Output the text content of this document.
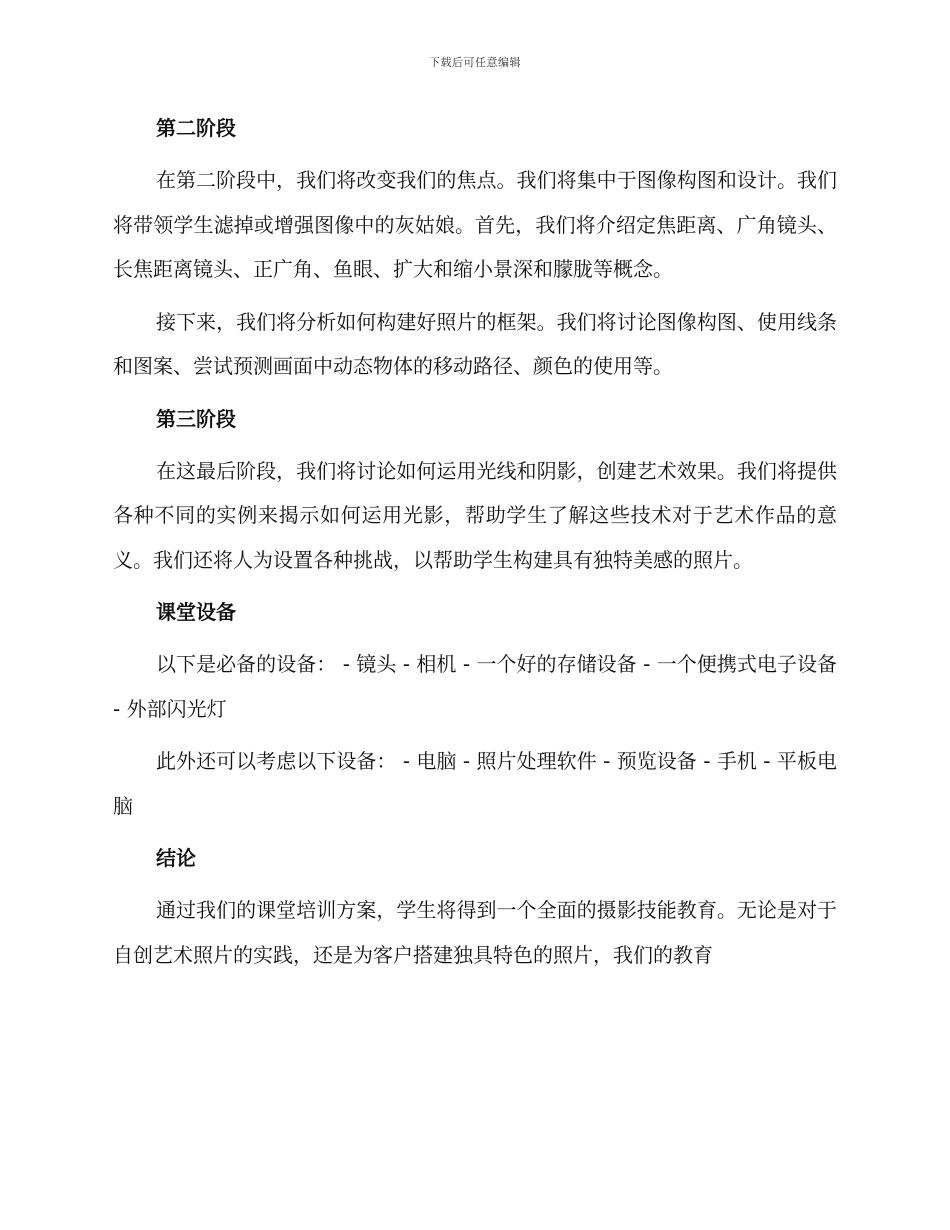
下载后可任意编辑
第二阶段

在第二阶段中，我们将改变我们的焦点。我们将集中于图像构图和设计。我们将带领学生滤掉或增强图像中的灰姑娘。首先，我们将介绍定焦距离、广角镜头、长焦距离镜头、正广角、鱼眼、扩大和缩小景深和朦胧等概念。

接下来，我们将分析如何构建好照片的框架。我们将讨论图像构图、使用线条和图案、尝试预测画面中动态物体的移动路径、颜色的使用等。

第三阶段

在这最后阶段，我们将讨论如何运用光线和阴影，创建艺术效果。我们将提供各种不同的实例来揭示如何运用光影，帮助学生了解这些技术对于艺术作品的意义。我们还将人为设置各种挑战，以帮助学生构建具有独特美感的照片。

课堂设备

以下是必备的设备： - 镜头 - 相机 - 一个好的存储设备 - 一个便携式电子设备 - 外部闪光灯

此外还可以考虑以下设备： - 电脑 - 照片处理软件 - 预览设备 - 手机 - 平板电脑

结论

通过我们的课堂培训方案，学生将得到一个全面的摄影技能教育。无论是对于自创艺术照片的实践，还是为客户搭建独具特色的照片，我们的教育
